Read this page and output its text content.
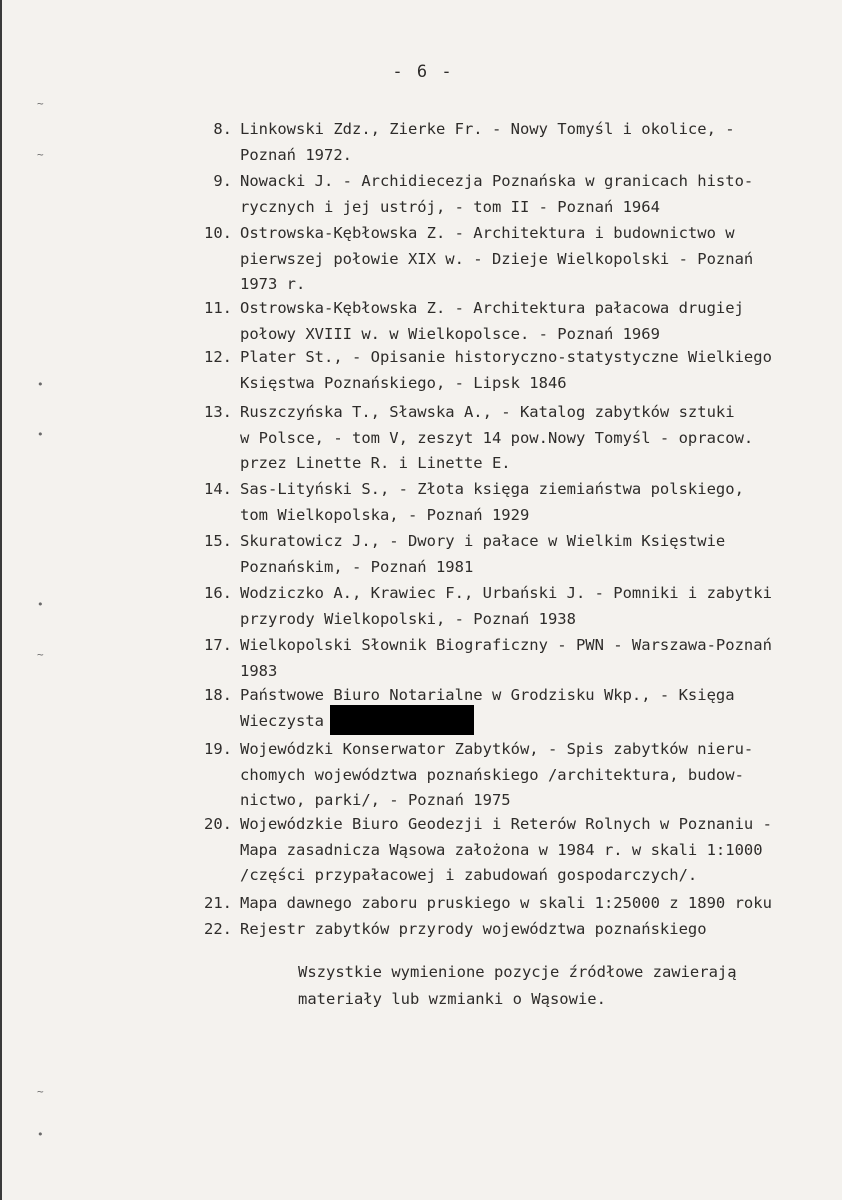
- 6 -
8. Linkowski Zdz., Zierke Fr. - Nowy Tomyśl i okolice, -
Poznań 1972.
9. Nowacki J. - Archidiecezja Poznańska w granicach histo-
rycznych i jej ustrój, - tom II - Poznań 1964
10. Ostrowska-Kębłowska Z. - Architektura i budownictwo w
pierwszej połowie XIX w. - Dzieje Wielkopolski - Poznań
1973 r.
11. Ostrowska-Kębłowska Z. - Architektura pałacowa drugiej
połowy XVIII w. w Wielkopolsce. - Poznań 1969
12. Plater St., - Opisanie historyczno-statystyczne Wielkiego
Księstwa Poznańskiego, - Lipsk 1846
13. Ruszczyńska T., Sławska A., - Katalog zabytków sztuki
w Polsce, - tom V, zeszyt 14 pow.Nowy Tomyśl - opracow.
przez Linette R. i Linette E.
14. Sas-Lityński S., - Złota księga ziemiaństwa polskiego,
tom Wielkopolska, - Poznań 1929
15. Skuratowicz J., - Dwory i pałace w Wielkim Księstwie
Poznańskim, - Poznań 1981
16. Wodziczko A., Krawiec F., Urbański J. - Pomniki i zabytki
przyrody Wielkopolski, - Poznań 1938
17. Wielkopolski Słownik Biograficzny - PWN - Warszawa-Poznań
1983
18. Państwowe Biuro Notarialne w Grodzisku Wkp., - Księga
Wieczysta
19. Wojewódzki Konserwator Zabytków, - Spis zabytków nieru-
chomych województwa poznańskiego /architektura, budow-
nictwo, parki/, - Poznań 1975
20. Wojewódzkie Biuro Geodezji i Reterów Rolnych w Poznaniu -
Mapa zasadnicza Wąsowa założona w 1984 r. w skali 1:1000
/części przypałacowej i zabudowań gospodarczych/.
21. Mapa dawnego zaboru pruskiego w skali 1:25000 z 1890 roku
22. Rejestr zabytków przyrody województwa poznańskiego
Wszystkie wymienione pozycje źródłowe zawierają
materiały lub wzmianki o Wąsowie.
~
~
•
•
•
~
~
•
